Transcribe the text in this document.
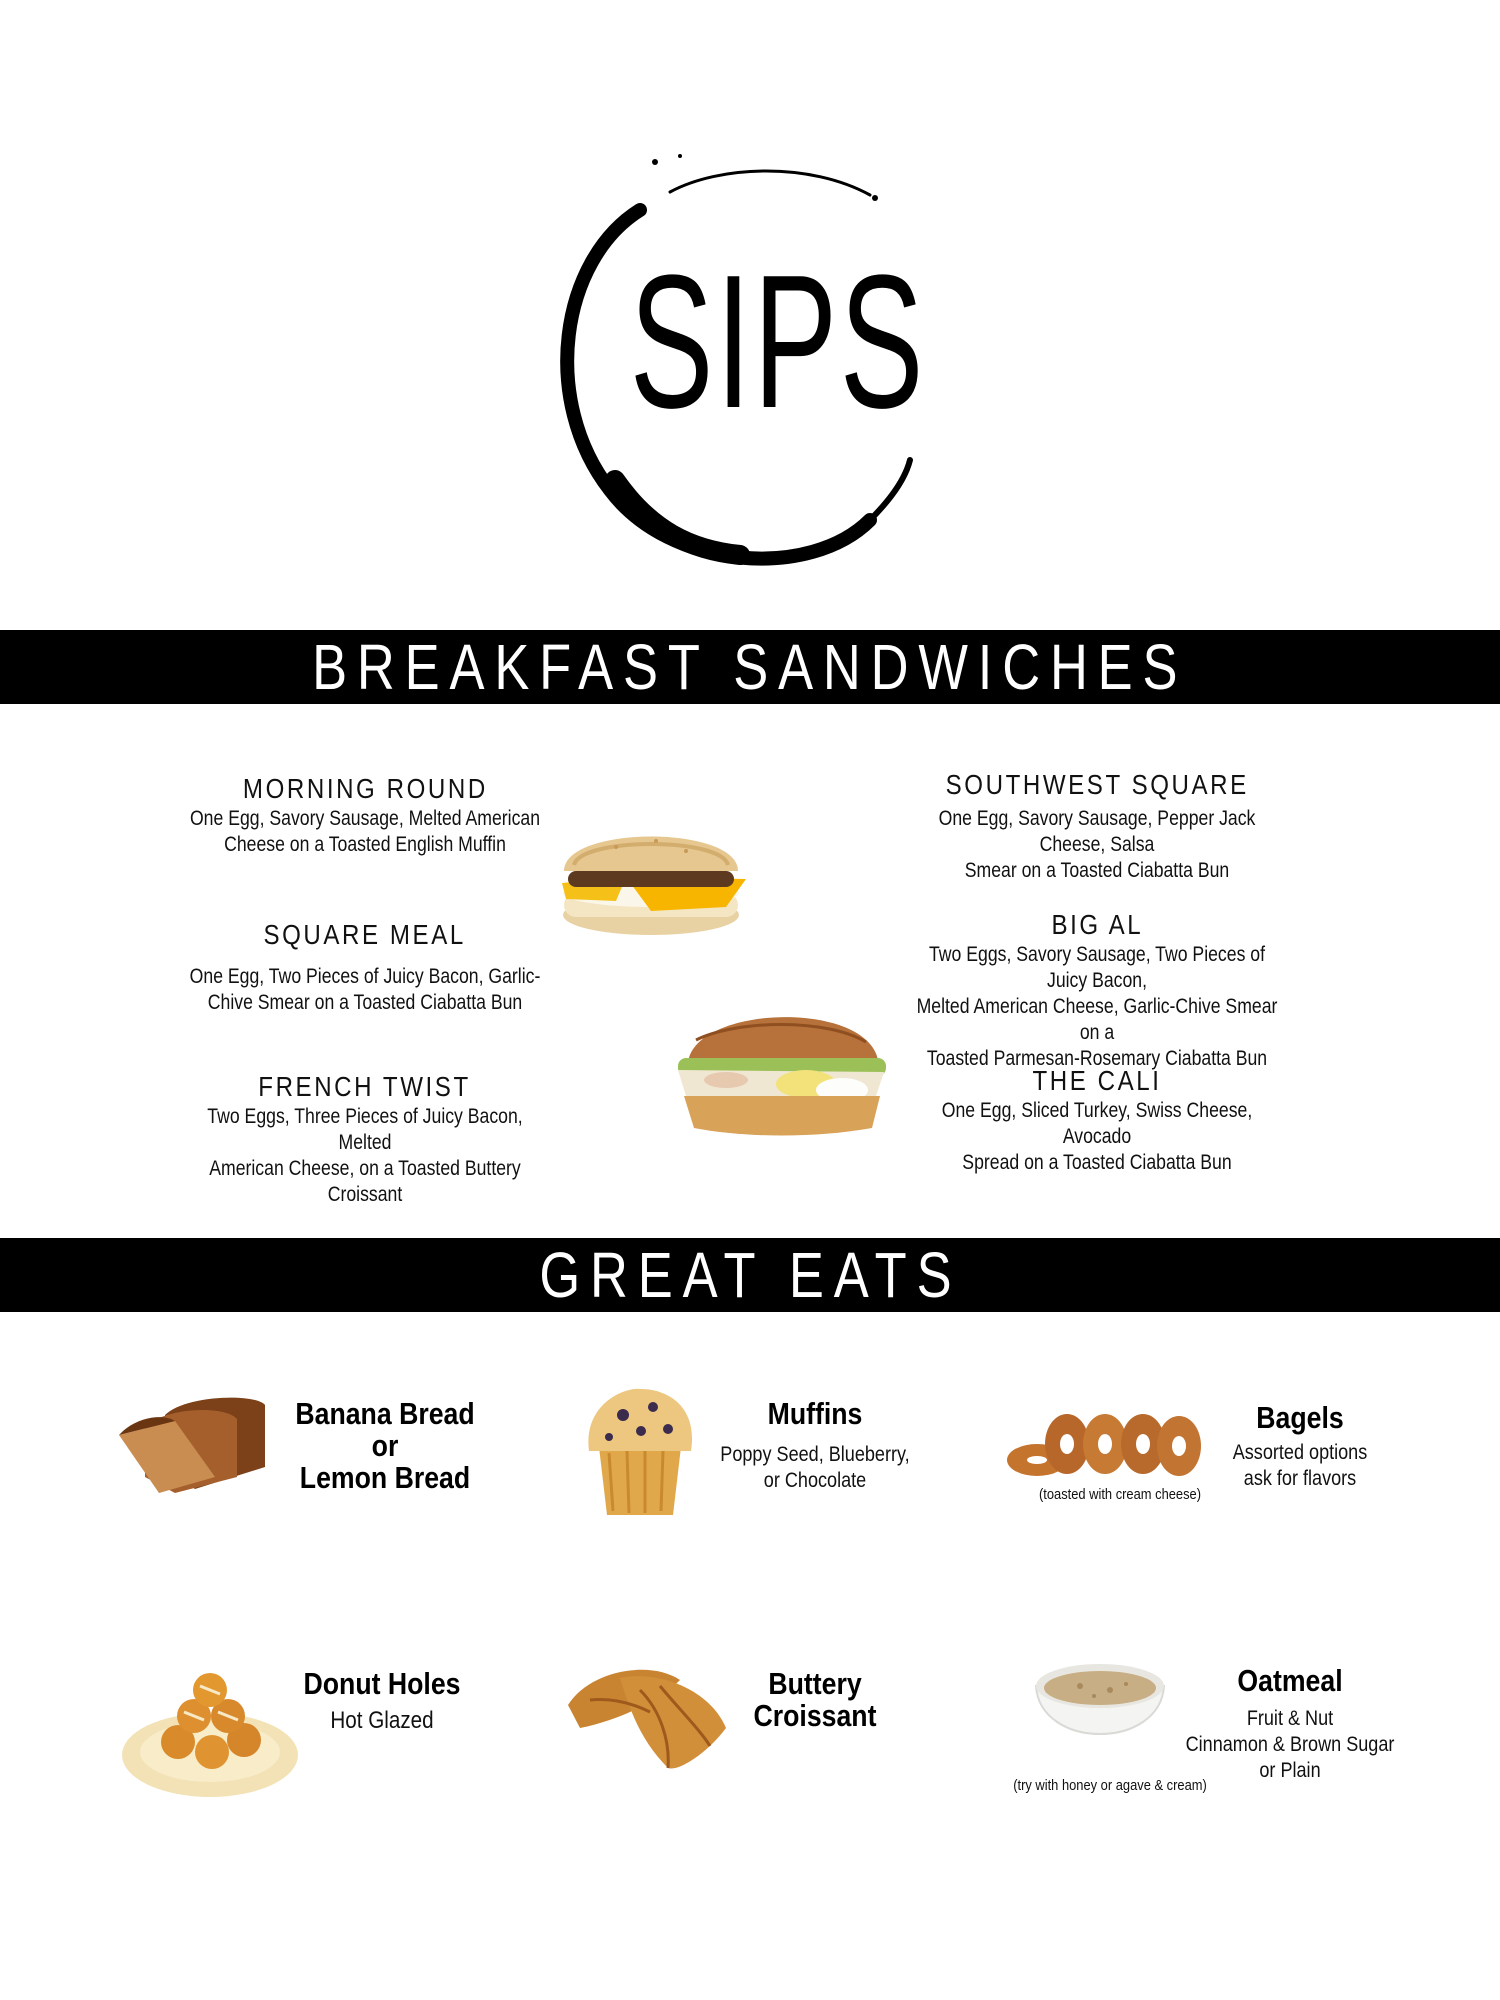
SIPS
BREAKFAST SANDWICHES
MORNING ROUND
One Egg, Savory Sausage, Melted American
Cheese on a Toasted English Muffin
SQUARE MEAL
One Egg, Two Pieces of Juicy Bacon, Garlic-
Chive Smear on a Toasted Ciabatta Bun
FRENCH TWIST
Two Eggs, Three Pieces of Juicy Bacon, Melted
American Cheese, on a Toasted Buttery Croissant
SOUTHWEST SQUARE
One Egg, Savory Sausage, Pepper Jack Cheese, Salsa
Smear on a Toasted Ciabatta Bun
BIG AL
Two Eggs, Savory Sausage, Two Pieces of Juicy Bacon,
Melted American Cheese, Garlic-Chive Smear on a
Toasted Parmesan-Rosemary Ciabatta Bun
THE CALI
One Egg, Sliced Turkey, Swiss Cheese, Avocado
Spread on a Toasted Ciabatta Bun
GREAT EATS
Banana Bread
or
Lemon Bread
Muffins
Poppy Seed, Blueberry,
or Chocolate
(toasted with cream cheese)
Bagels
Assorted options
ask for flavors
Donut Holes
Hot Glazed
Buttery
Croissant
(try with honey or agave & cream)
Oatmeal
Fruit & Nut
Cinnamon & Brown Sugar
or Plain
